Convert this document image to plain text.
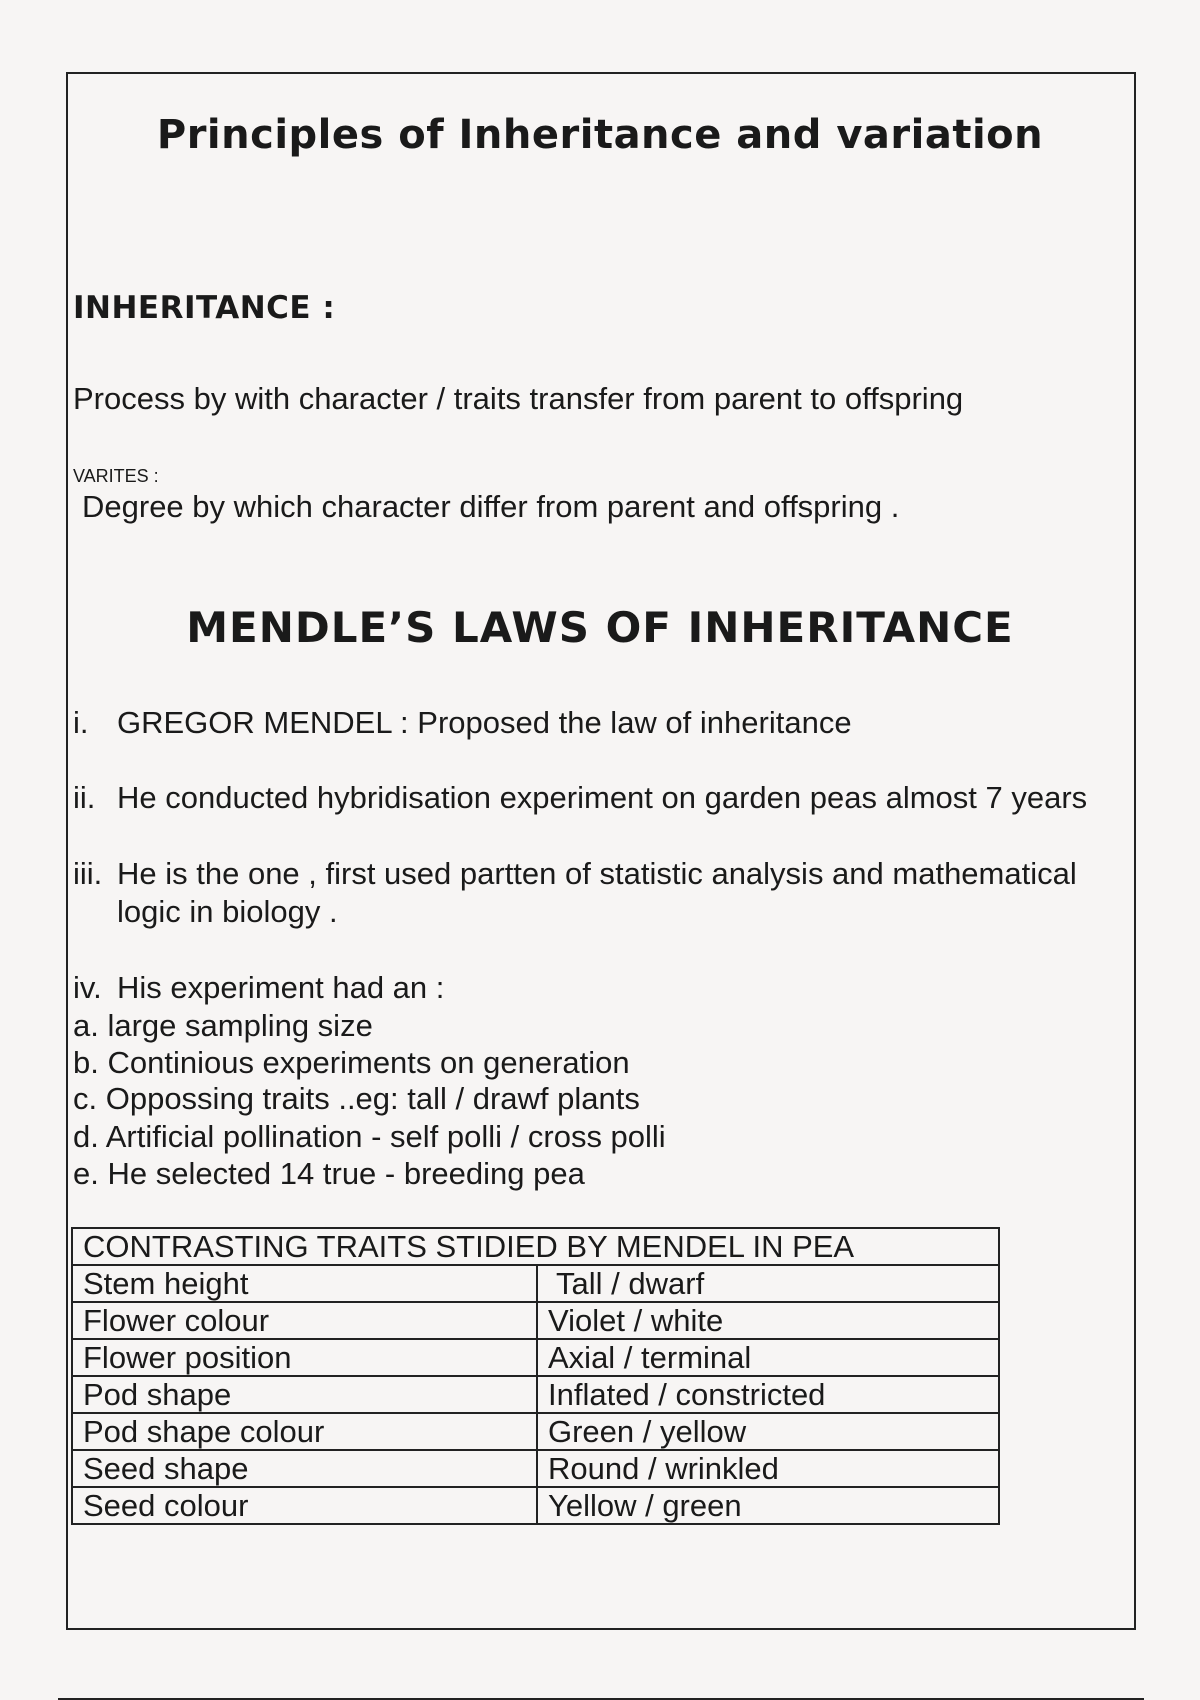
Principles of Inheritance and variation

INHERITANCE :

Process by with character / traits transfer from parent to offspring

VARITES :

Degree by which character differ from parent and offspring .

MENDLE’S LAWS OF INHERITANCE

i. GREGOR MENDEL : Proposed the law of inheritance

ii. He conducted hybridisation experiment on garden peas almost 7 years

iii. He is the one , first used partten of statistic analysis and mathematical

logic in biology .

iv. His experiment had an :

a. large sampling size

b. Continious experiments on generation

c. Oppossing traits ..eg: tall / drawf plants

d. Artificial pollination - self polli / cross polli

e. He selected 14 true - breeding pea

CONTRASTING TRAITS STIDIED BY MENDEL IN PEA	
Stem height	Tall / dwarf
Flower colour	Violet / white
Flower position	Axial / terminal
Pod shape	Inflated / constricted
Pod shape colour	Green / yellow
Seed shape	Round / wrinkled
Seed colour	Yellow / green
